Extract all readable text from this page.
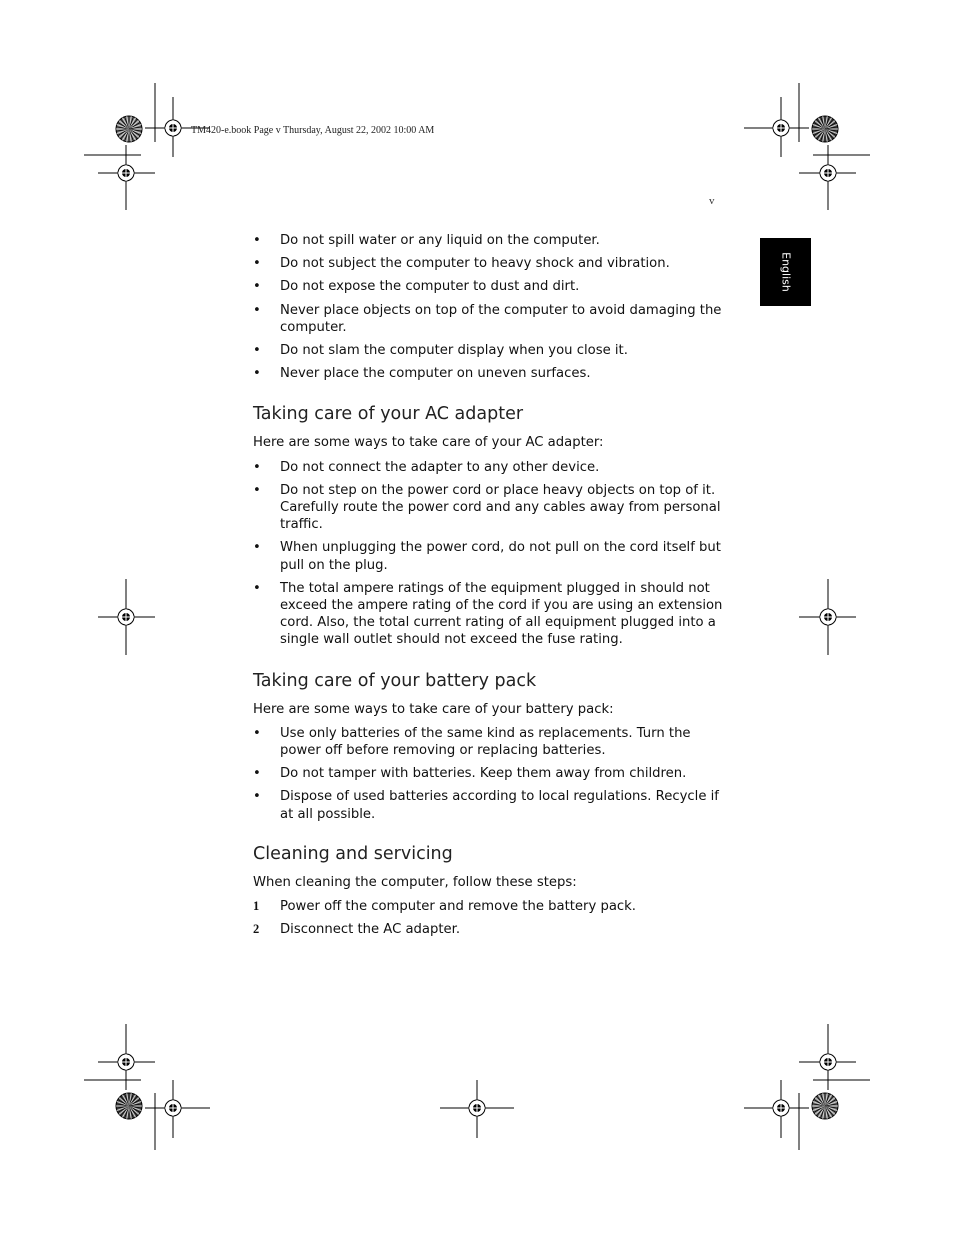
TM420-e.book Page v Thursday, August 22, 2002 10:00 AM
v
English
• Do not spill water or any liquid on the computer.
• Do not subject the computer to heavy shock and vibration.
• Do not expose the computer to dust and dirt.
• Never place objects on top of the computer to avoid damaging the computer.
• Do not slam the computer display when you close it.
• Never place the computer on uneven surfaces.
Taking care of your AC adapter

Here are some ways to take care of your AC adapter:

• Do not connect the adapter to any other device.
• Do not step on the power cord or place heavy objects on top of it. Carefully route the power cord and any cables away from personal traffic.
• When unplugging the power cord, do not pull on the cord itself but pull on the plug.
• The total ampere ratings of the equipment plugged in should not exceed the ampere rating of the cord if you are using an extension cord. Also, the total current rating of all equipment plugged into a single wall outlet should not exceed the fuse rating.
Taking care of your battery pack

Here are some ways to take care of your battery pack:

• Use only batteries of the same kind as replacements. Turn the power off before removing or replacing batteries.
• Do not tamper with batteries. Keep them away from children.
• Dispose of used batteries according to local regulations. Recycle if at all possible.
Cleaning and servicing

When cleaning the computer, follow these steps:

1 Power off the computer and remove the battery pack.
2 Disconnect the AC adapter.
